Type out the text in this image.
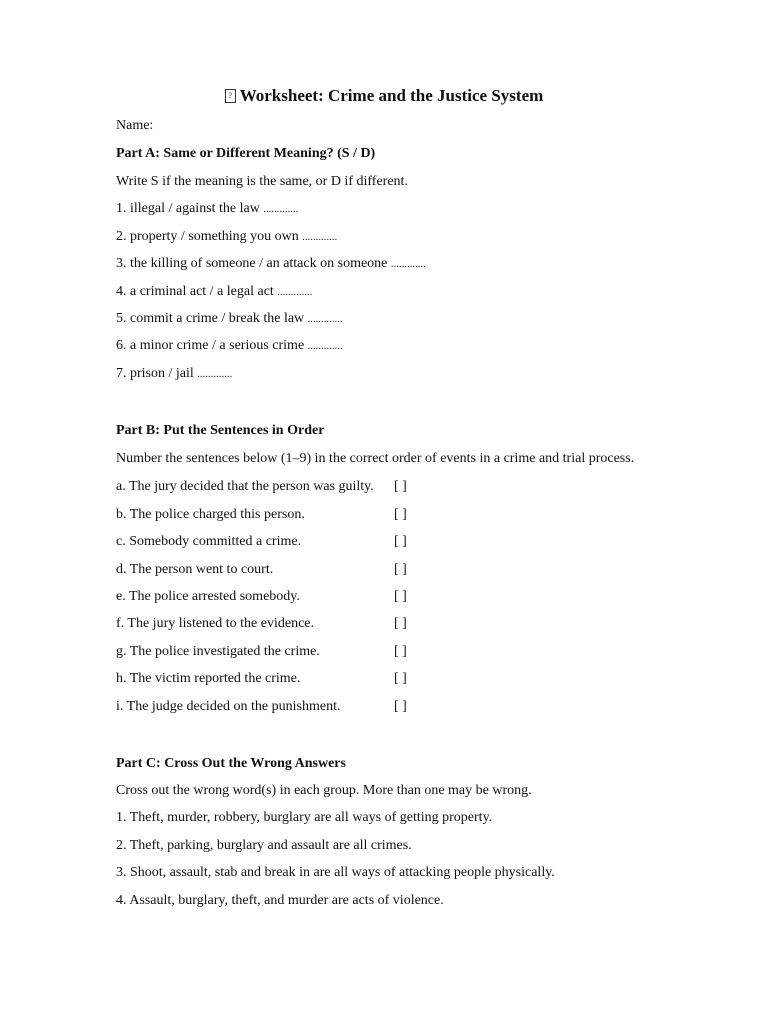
? Worksheet: Crime and the Justice System
Name:
Part A: Same or Different Meaning? (S / D)
Write S if the meaning is the same, or D if different.
1. illegal / against the law .............
2. property / something you own .............
3. the killing of someone / an attack on someone .............
4. a criminal act / a legal act .............
5. commit a crime / break the law .............
6. a minor crime / a serious crime .............
7. prison / jail .............
Part B: Put the Sentences in Order
Number the sentences below (1–9) in the correct order of events in a crime and trial process.
a. The jury decided that the person was guilty. [ ]
b. The police charged this person.	[ ]
c. Somebody committed a crime.	[ ]
d. The person went to court.	[ ]
e. The police arrested somebody.	[ ]
f. The jury listened to the evidence.	[ ]
g. The police investigated the crime.	[ ]
h. The victim reported the crime.	[ ]
i. The judge decided on the punishment.	[ ]
Part C: Cross Out the Wrong Answers
Cross out the wrong word(s) in each group. More than one may be wrong.
1. Theft, murder, robbery, burglary are all ways of getting property.
2. Theft, parking, burglary and assault are all crimes.
3. Shoot, assault, stab and break in are all ways of attacking people physically.
4. Assault, burglary, theft, and murder are acts of violence.
